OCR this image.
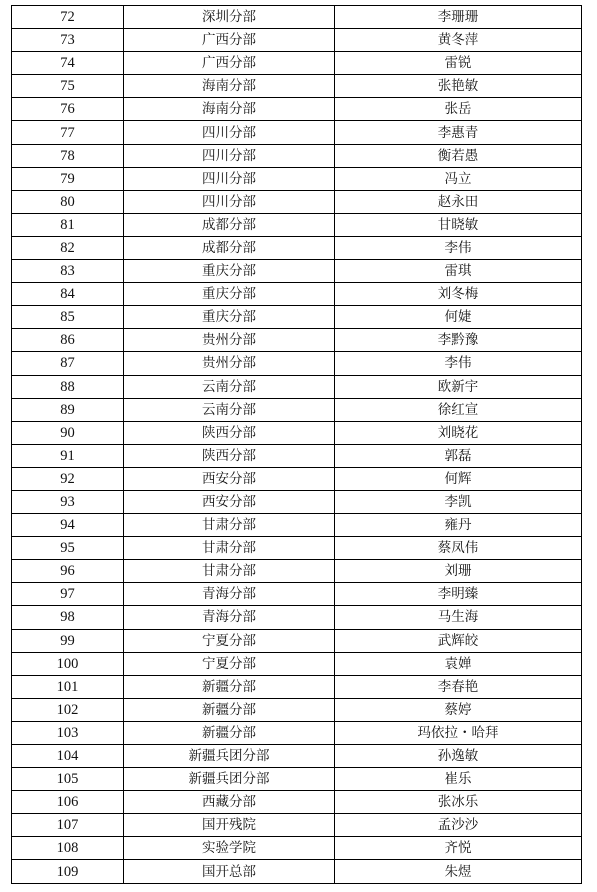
72	深圳分部	李珊珊
73	广西分部	黄冬萍
74	广西分部	雷锐
75	海南分部	张艳敏
76	海南分部	张岳
77	四川分部	李惠青
78	四川分部	衡若愚
79	四川分部	冯立
80	四川分部	赵永田
81	成都分部	甘晓敏
82	成都分部	李伟
83	重庆分部	雷琪
84	重庆分部	刘冬梅
85	重庆分部	何婕
86	贵州分部	李黔豫
87	贵州分部	李伟
88	云南分部	欧新宇
89	云南分部	徐红宣
90	陕西分部	刘晓花
91	陕西分部	郭磊
92	西安分部	何辉
93	西安分部	李凯
94	甘肃分部	雍丹
95	甘肃分部	蔡凤伟
96	甘肃分部	刘珊
97	青海分部	李明臻
98	青海分部	马生海
99	宁夏分部	武辉皎
100	宁夏分部	袁婵
101	新疆分部	李春艳
102	新疆分部	蔡婷
103	新疆分部	玛依拉・哈拜
104	新疆兵团分部	孙逸敏
105	新疆兵团分部	崔乐
106	西藏分部	张冰乐
107	国开残院	孟沙沙
108	实验学院	齐悦
109	国开总部	朱煜
